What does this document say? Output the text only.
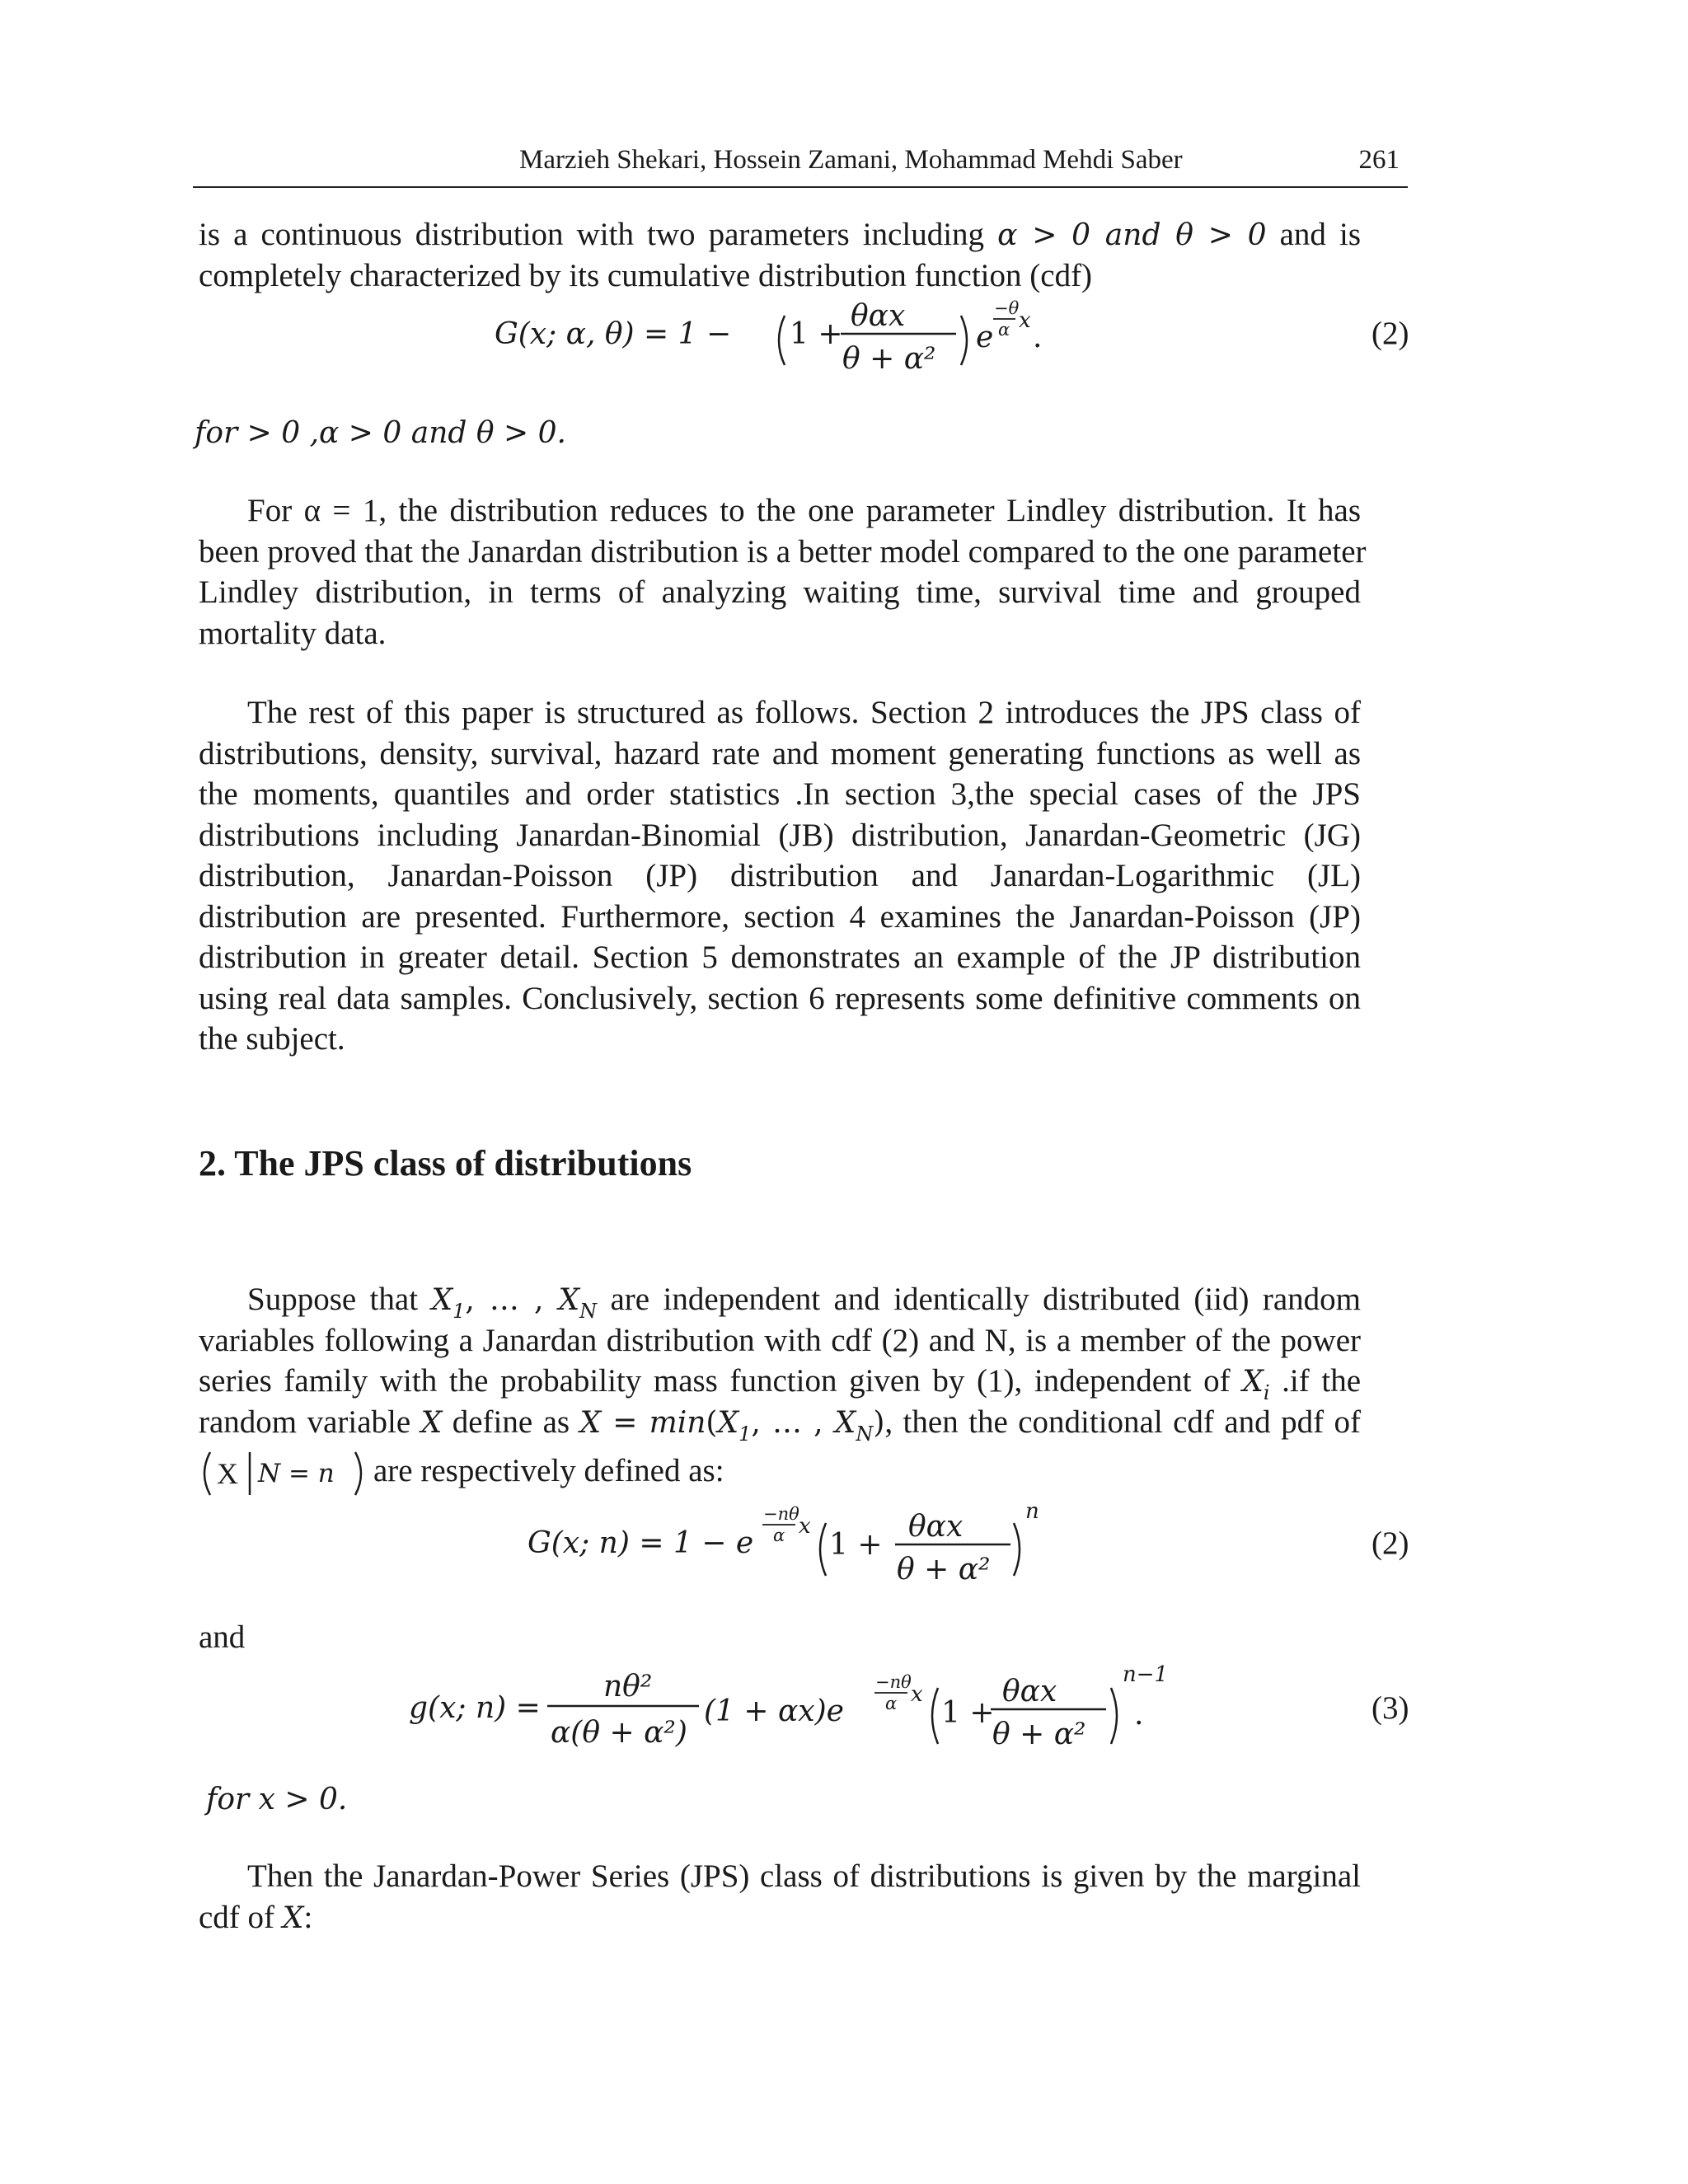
Marzieh Shekari, Hossein Zamani, Mohammad Mehdi Saber	261
is a continuous distribution with two parameters including α > 0 and θ > 0 and is
completely characterized by its cumulative distribution function (cdf)
G(x; α, θ) = 1 − 1 +
θαx
θ + α²
e
−θ
α x .	(2)
for > 0 ,α > 0 and θ > 0.
For α = 1, the distribution reduces to the one parameter Lindley distribution. It has
been proved that the Janardan distribution is a better model compared to the one parameter
Lindley distribution, in terms of analyzing waiting time, survival time and grouped
mortality data.
The rest of this paper is structured as follows. Section 2 introduces the JPS class of
distributions, density, survival, hazard rate and moment generating functions as well as
the moments, quantiles and order statistics .In section 3,the special cases of the JPS
distributions including Janardan-Binomial (JB) distribution, Janardan-Geometric (JG)
distribution, Janardan-Poisson (JP) distribution and Janardan-Logarithmic (JL)
distribution are presented. Furthermore, section 4 examines the Janardan-Poisson (JP)
distribution in greater detail. Section 5 demonstrates an example of the JP distribution
using real data samples. Conclusively, section 6 represents some definitive comments on
the subject.
2. The JPS class of distributions
Suppose that $X_1$, … , $X_N$ are independent and identically distributed (iid) random
variables following a Janardan distribution with cdf (2) and N, is a member of the power
series family with the probability mass function given by (1), independent of $X_i$ .if the
random variable X define as $X = \min(X_1$, … , $X_N$), then the conditional cdf and pdf of
X N = n are respectively defined as:
G(x; n) = 1 − e
−nθ
α x
1 +
θαx
θ + α²
n
(2)
and
g(x; n) =
nθ²
α(θ + α²)
(1 + αx)e
−nθ
α x
1 +
θαx
θ + α²
n−1
.	(3)
for x > 0.
Then the Janardan-Power Series (JPS) class of distributions is given by the marginal
cdf of X:
